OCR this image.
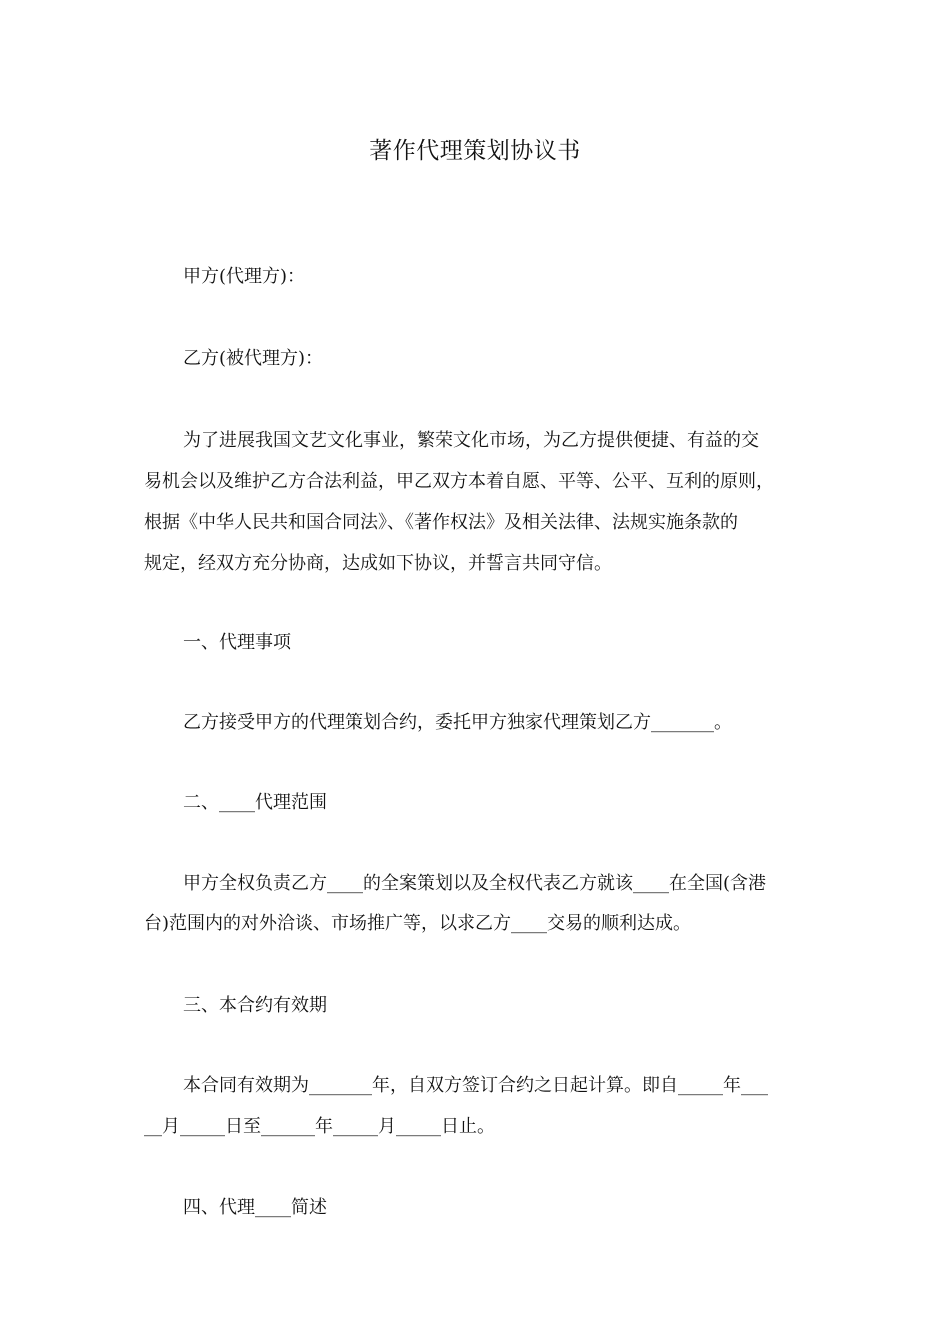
著作代理策划协议书
甲方(代理方)：
乙方(被代理方)：
为了进展我国文艺文化事业，繁荣文化市场，为乙方提供便捷、有益的交
易机会以及维护乙方合法利益，甲乙双方本着自愿、平等、公平、互利的原则，
根据《中华人民共和国合同法》、《著作权法》及相关法律、法规实施条款的
规定，经双方充分协商，达成如下协议，并誓言共同守信。
一、代理事项
乙方接受甲方的代理策划合约，委托甲方独家代理策划乙方_______。
二、____代理范围
甲方全权负责乙方____的全案策划以及全权代表乙方就该____在全国(含港
台)范围内的对外洽谈、市场推广等，以求乙方____交易的顺利达成。
三、本合约有效期
本合同有效期为_______年，自双方签订合约之日起计算。即自_____年___
__月_____日至______年_____月_____日止。
四、代理____简述
